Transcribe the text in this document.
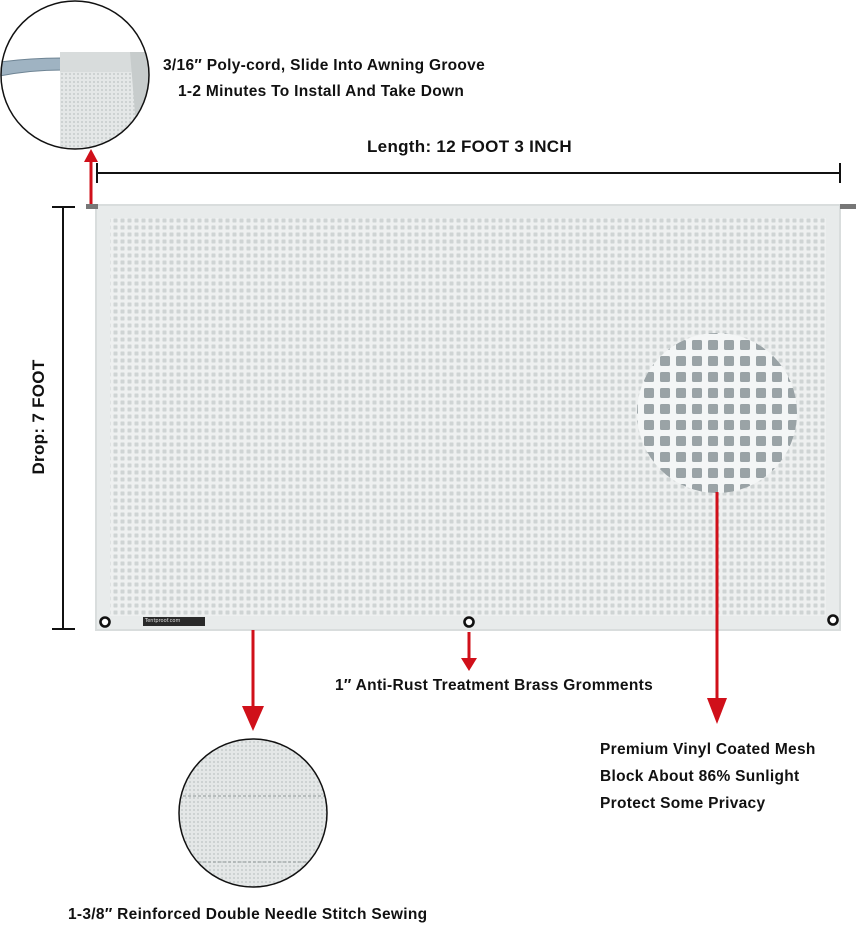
3/16″ Poly-cord, Slide Into Awning Groove
1-2 Minutes To Install And Take Down
Length: 12 FOOT 3 INCH
Drop: 7 FOOT
1″ Anti-Rust Treatment Brass Gromments
Premium Vinyl Coated Mesh
Block About 86% Sunlight
Protect Some Privacy
1-3/8″ Reinforced Double Needle Stitch Sewing
Tentproof.com
